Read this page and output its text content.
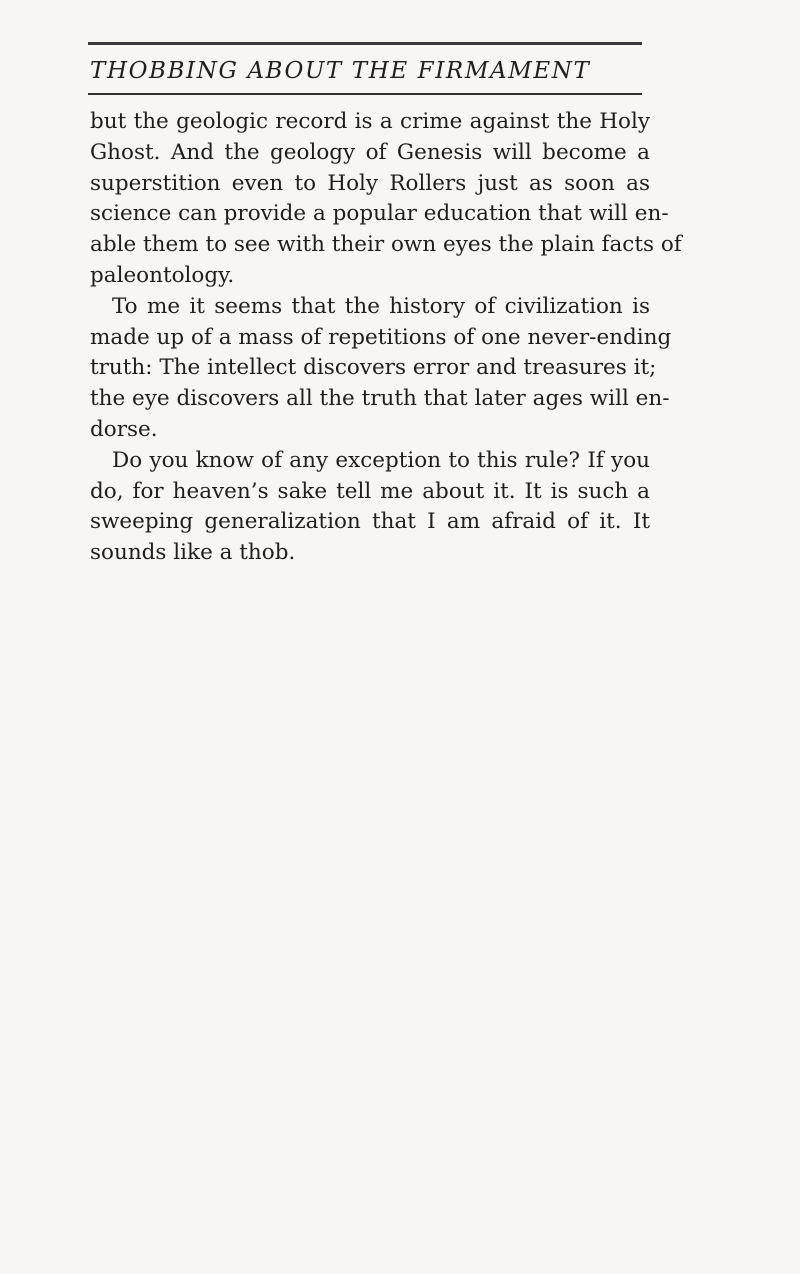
THOBBING ABOUT THE FIRMAMENT
but the geologic record is a crime against the Holy
Ghost. And the geology of Genesis will become a
superstition even to Holy Rollers just as soon as
science can provide a popular education that will en-
able them to see with their own eyes the plain facts of
paleontology.
To me it seems that the history of civilization is
made up of a mass of repetitions of one never-ending
truth: The intellect discovers error and treasures it;
the eye discovers all the truth that later ages will en-
dorse.
Do you know of any exception to this rule? If you
do, for heaven’s sake tell me about it. It is such a
sweeping generalization that I am afraid of it. It
sounds like a thob.
